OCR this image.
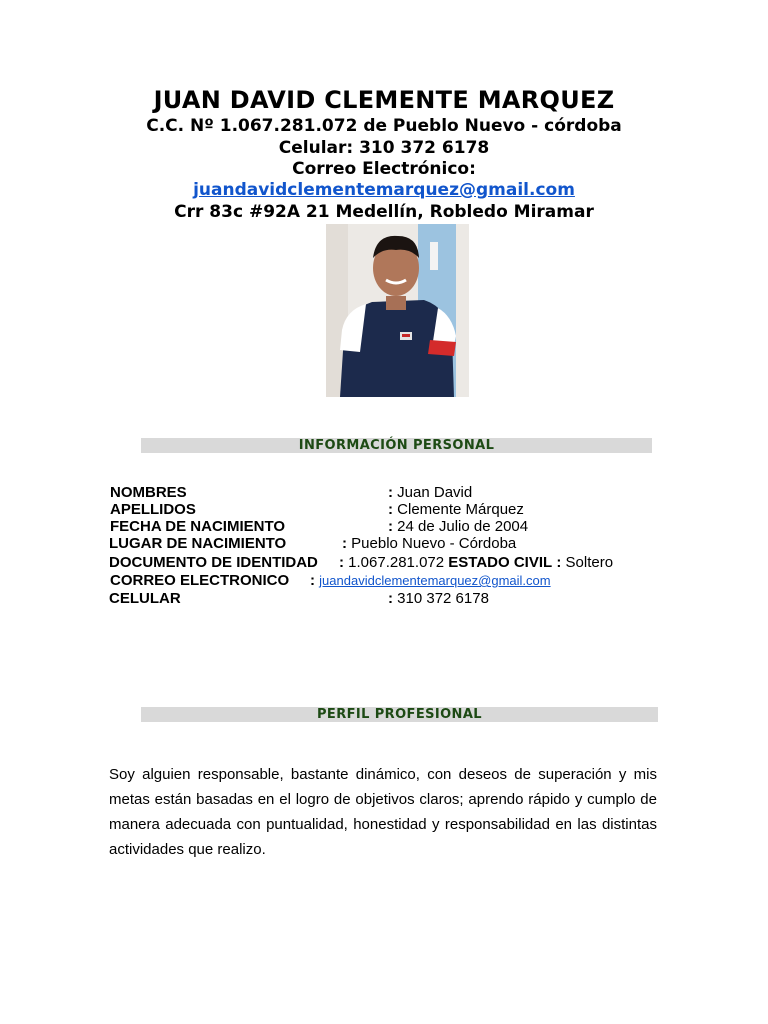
JUAN DAVID CLEMENTE MARQUEZ
C.C. Nº 1.067.281.072 de Pueblo Nuevo - córdoba
Celular: 310 372 6178
Correo Electrónico:
juandavidclementemarquez@gmail.com
Crr 83c #92A 21 Medellín, Robledo Miramar
INFORMACIÓN PERSONAL
NOMBRES	: Juan David
APELLIDOS	: Clemente Márquez
FECHA DE NACIMIENTO	: 24 de Julio de 2004
LUGAR DE NACIMIENTO	: Pueblo Nuevo - Córdoba
DOCUMENTO DE IDENTIDAD : 1.067.281.072 ESTADO CIVIL : Soltero
CORREO ELECTRONICO : juandavidclementemarquez@gmail.com
CELULAR	: 310 372 6178
PERFIL PROFESIONAL
Soy alguien responsable, bastante dinámico, con deseos de superación y mis metas están basadas en el logro de objetivos claros; aprendo rápido y cumplo de manera adecuada con puntualidad, honestidad y responsabilidad en las distintas actividades que realizo.
